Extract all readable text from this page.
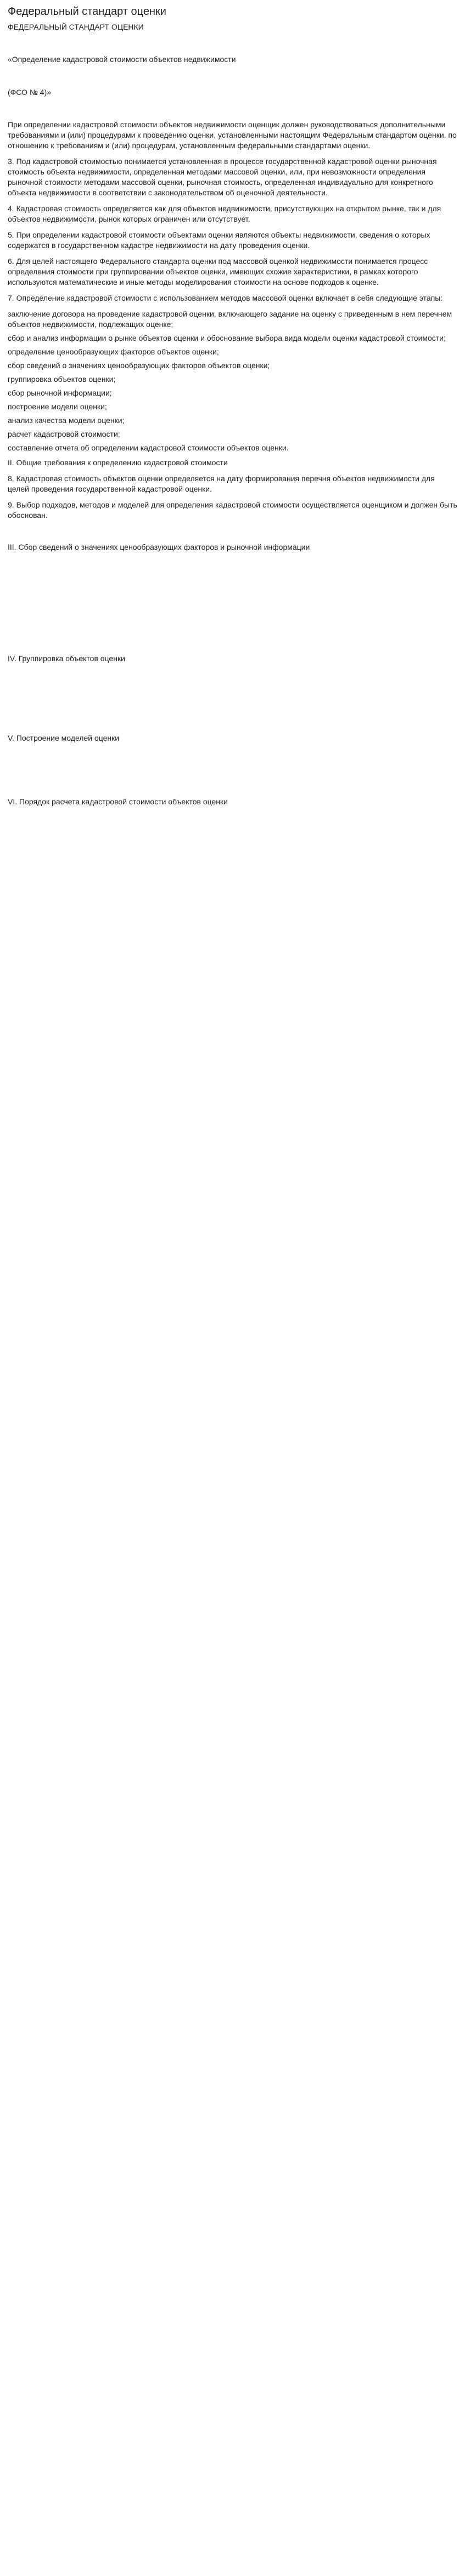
Федеральный стандарт оценки
ФЕДЕРАЛЬНЫЙ СТАНДАРТ ОЦЕНКИ
«Определение кадастровой стоимости объектов недвижимости
(ФСО № 4)»
При определении кадастровой стоимости объектов недвижимости оценщик должен руководствоваться дополнительными требованиями и (или) процедурами к проведению оценки, установленными настоящим Федеральным стандартом оценки, по отношению к требованиям и (или) процедурам, установленным федеральными стандартами оценки.
3. Под кадастровой стоимостью понимается установленная в процессе государственной кадастровой оценки рыночная стоимость объекта недвижимости, определенная методами массовой оценки, или, при невозможности определения рыночной стоимости методами массовой оценки, рыночная стоимость, определенная индивидуально для конкретного объекта недвижимости в соответствии с законодательством об оценочной деятельности.
4. Кадастровая стоимость определяется как для объектов недвижимости, присутствующих на открытом рынке, так и для объектов недвижимости, рынок которых ограничен или отсутствует.
5. При определении кадастровой стоимости объектами оценки являются объекты недвижимости, сведения о которых содержатся в государственном кадастре недвижимости на дату проведения оценки.
6. Для целей настоящего Федерального стандарта оценки под массовой оценкой недвижимости понимается процесс определения стоимости при группировании объектов оценки, имеющих схожие характеристики, в рамках которого используются математические и иные методы моделирования стоимости на основе подходов к оценке.
7. Определение кадастровой стоимости с использованием методов массовой оценки включает в себя следующие этапы:
заключение договора на проведение кадастровой оценки, включающего задание на оценку с приведенным в нем перечнем объектов недвижимости, подлежащих оценке;
сбор и анализ информации о рынке объектов оценки и обоснование выбора вида модели оценки кадастровой стоимости;
определение ценообразующих факторов объектов оценки;
сбор сведений о значениях ценообразующих факторов объектов оценки;
группировка объектов оценки;
сбор рыночной информации;
построение модели оценки;
анализ качества модели оценки;
расчет кадастровой стоимости;
составление отчета об определении кадастровой стоимости объектов оценки.
II. Общие требования к определению кадастровой стоимости
8. Кадастровая стоимость объектов оценки определяется на дату формирования перечня объектов недвижимости для целей проведения государственной кадастровой оценки.
9. Выбор подходов, методов и моделей для определения кадастровой стоимости осуществляется оценщиком и должен быть обоснован.
III. Сбор сведений о значениях ценообразующих факторов и рыночной информации
IV. Группировка объектов оценки
V. Построение моделей оценки
VI. Порядок расчета кадастровой стоимости объектов оценки
